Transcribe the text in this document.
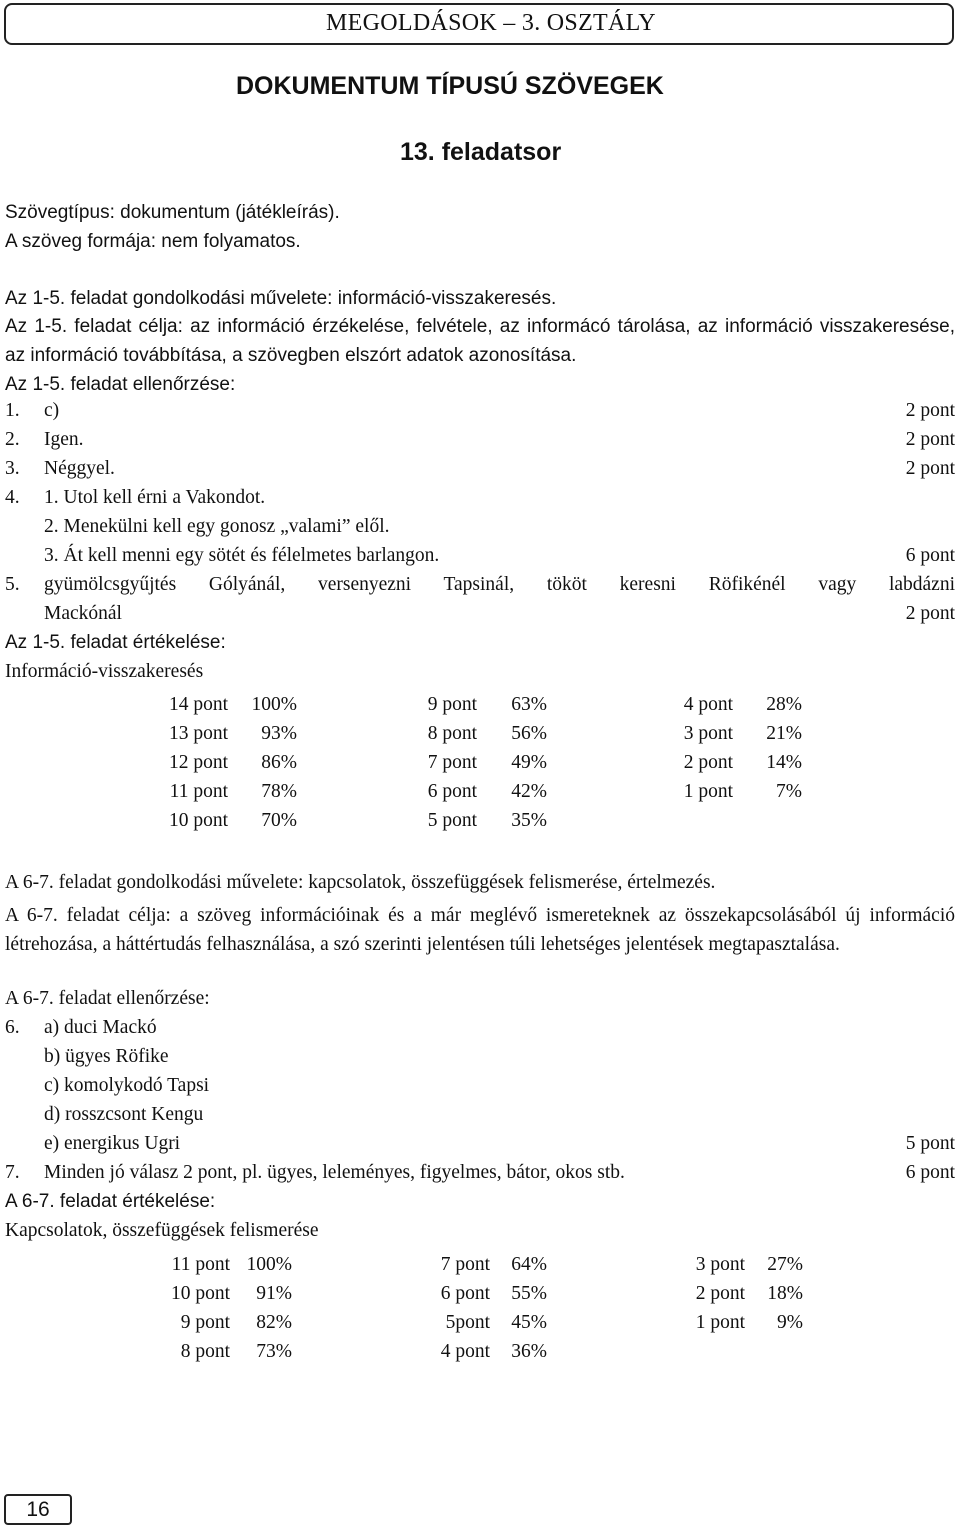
MEGOLDÁSOK – 3. OSZTÁLY
DOKUMENTUM TÍPUSÚ SZÖVEGEK
13. feladatsor
Szövegtípus: dokumentum (játékleírás).
A szöveg formája: nem folyamatos.
Az 1-5. feladat gondolkodási művelete: információ-visszakeresés.
Az 1-5. feladat célja: az információ érzékelése, felvétele, az informácó tárolása, az információ visszakeresése, az információ továbbítása, a szövegben elszórt adatok azonosítása.
Az 1-5. feladat ellenőrzése:
1. c)	2 pont
2. Igen.	2 pont
3. Néggyel.	2 pont
4. 1. Utol kell érni a Vakondot.
2. Menekülni kell egy gonosz „valami” elől.
3. Át kell menni egy sötét és félelmetes barlangon.	6 pont
5. gyümölcsgyűjtés Gólyánál, versenyezni Tapsinál, tököt keresni Röfikénél vagy labdázni
Mackónál	2 pont
Az 1-5. feladat értékelése:
Információ-visszakeresés
14 pont 100%	9 pont 63%	4 pont 28%
13 pont 93%	8 pont 56%	3 pont 21%
12 pont 86%	7 pont 49%	2 pont 14%
11 pont 78%	6 pont 42%	1 pont 7%
10 pont 70%	5 pont 35%
A 6-7. feladat gondolkodási művelete: kapcsolatok, összefüggések felismerése, értelmezés.
A 6-7. feladat célja: a szöveg információinak és a már meglévő ismereteknek az összekapcsolásából új információ létrehozása, a háttértudás felhasználása, a szó szerinti jelentésen túli lehetséges jelentések megtapasztalása.
A 6-7. feladat ellenőrzése:
6. a) duci Mackó
b) ügyes Röfike
c) komolykodó Tapsi
d) rosszcsont Kengu
e) energikus Ugri	5 pont
7. Minden jó válasz 2 pont, pl. ügyes, leleményes, figyelmes, bátor, okos stb.	6 pont
A 6-7. feladat értékelése:
Kapcsolatok, összefüggések felismerése
11 pont 100%	7 pont 64%	3 pont 27%
10 pont 91%	6 pont 55%	2 pont 18%
9 pont 82%	5pont 45%	1 pont 9%
8 pont 73%	4 pont 36%
16
